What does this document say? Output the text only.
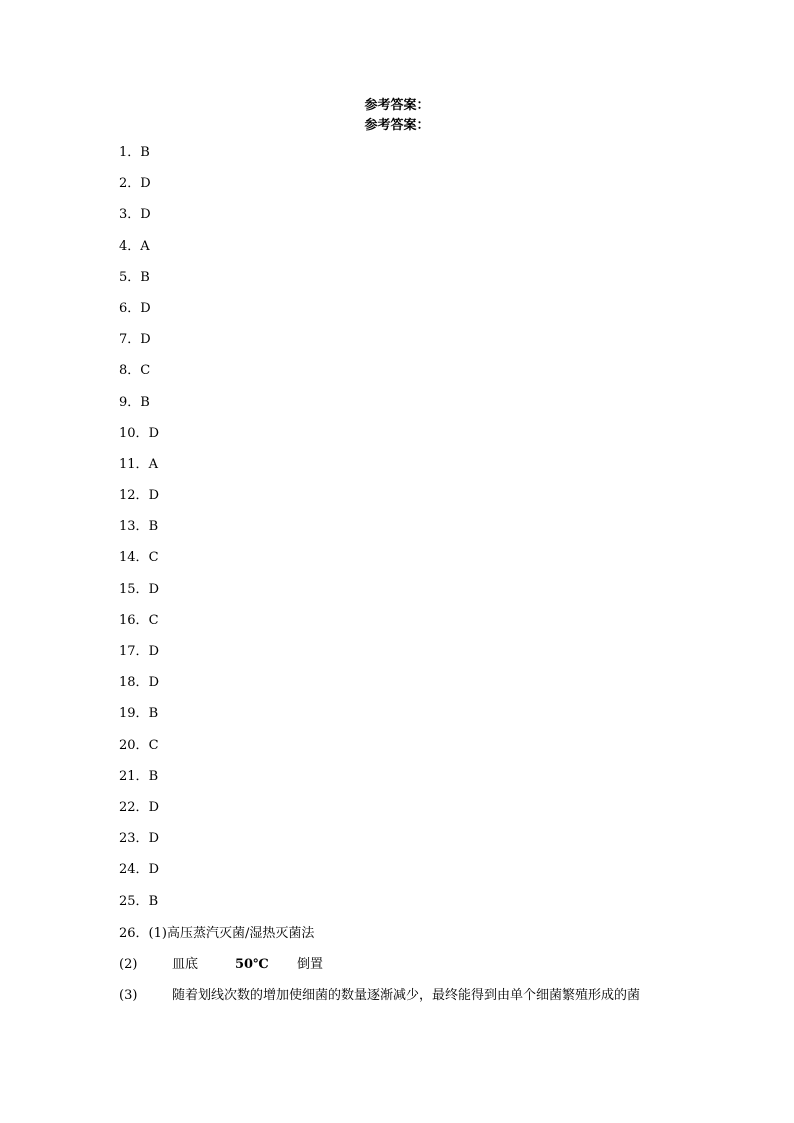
参考答案：
参考答案：
1．B
2．D
3．D
4．A
5．B
6．D
7．D
8．C
9．B
10．D
11．A
12．D
13．B
14．C
15．D
16．C
17．D
18．D
19．B
20．C
21．B
22．D
23．D
24．D
25．B
26．(1)高压蒸汽灭菌/湿热灭菌法
(2)	皿底	50℃ 倒置
(3)	随着划线次数的增加使细菌的数量逐渐减少，最终能得到由单个细菌繁殖形成的菌
